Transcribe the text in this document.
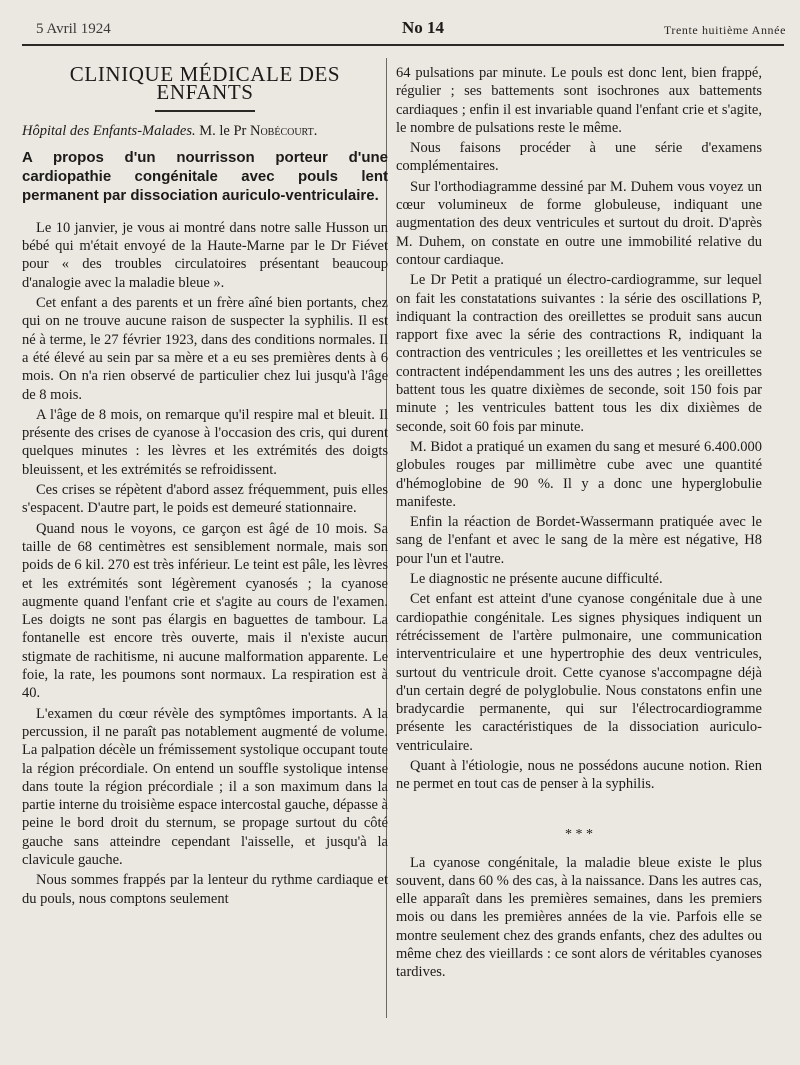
5 Avril 1924	No 14	Trente huitième Année
CLINIQUE MÉDICALE DES ENFANTS
Hôpital des Enfants-Malades. M. le Pr Nobécourt.
A propos d'un nourrisson porteur d'une cardiopathie congénitale avec pouls lent permanent par dissociation auriculo-ventriculaire.

Le 10 janvier, je vous ai montré dans notre salle Husson un bébé qui m'était envoyé de la Haute-Marne par le Dr Fiévet pour « des troubles circulatoires présentant beaucoup d'analogie avec la maladie bleue ».

Cet enfant a des parents et un frère aîné bien portants, chez qui on ne trouve aucune raison de suspecter la syphilis. Il est né à terme, le 27 février 1923, dans des conditions normales. Il a été élevé au sein par sa mère et a eu ses premières dents à 6 mois. On n'a rien observé de particulier chez lui jusqu'à l'âge de 8 mois.

A l'âge de 8 mois, on remarque qu'il respire mal et bleuit. Il présente des crises de cyanose à l'occasion des cris, qui durent quelques minutes : les lèvres et les extrémités des doigts bleuissent, et les extrémités se refroidissent.

Ces crises se répètent d'abord assez fréquemment, puis elles s'espacent. D'autre part, le poids est demeuré stationnaire.

Quand nous le voyons, ce garçon est âgé de 10 mois. Sa taille de 68 centimètres est sensiblement normale, mais son poids de 6 kil. 270 est très inférieur. Le teint est pâle, les lèvres et les extrémités sont légèrement cyanosés ; la cyanose augmente quand l'enfant crie et s'agite au cours de l'examen. Les doigts ne sont pas élargis en baguettes de tambour. La fontanelle est encore très ouverte, mais il n'existe aucun stigmate de rachitisme, ni aucune malformation apparente. Le foie, la rate, les poumons sont normaux. La respiration est à 40.

L'examen du cœur révèle des symptômes importants. A la percussion, il ne paraît pas notablement augmenté de volume. La palpation décèle un frémissement systolique occupant toute la région précordiale. On entend un souffle systolique intense dans toute la région précordiale ; il a son maximum dans la partie interne du troisième espace intercostal gauche, dépasse à peine le bord droit du sternum, se propage surtout du côté gauche sans atteindre cependant l'aisselle, et jusqu'à la clavicule gauche.

Nous sommes frappés par la lenteur du rythme cardiaque et du pouls, nous comptons seulement

64 pulsations par minute. Le pouls est donc lent, bien frappé, régulier ; ses battements sont isochrones aux battements cardiaques ; enfin il est invariable quand l'enfant crie et s'agite, le nombre de pulsations reste le même.

Nous faisons procéder à une série d'examens complémentaires.

Sur l'orthodiagramme dessiné par M. Duhem vous voyez un cœur volumineux de forme globuleuse, indiquant une augmentation des deux ventricules et surtout du droit. D'après M. Duhem, on constate en outre une immobilité relative du contour cardiaque.

Le Dr Petit a pratiqué un électro-cardiogramme, sur lequel on fait les constatations suivantes : la série des oscillations P, indiquant la contraction des oreillettes se produit sans aucun rapport fixe avec la série des contractions R, indiquant la contraction des ventricules ; les oreillettes et les ventricules se contractent indépendamment les uns des autres ; les oreillettes battent tous les quatre dixièmes de seconde, soit 150 fois par minute ; les ventricules battent tous les dix dixièmes de seconde, soit 60 fois par minute.

M. Bidot a pratiqué un examen du sang et mesuré 6.400.000 globules rouges par millimètre cube avec une quantité d'hémoglobine de 90 %. Il y a donc une hyperglobulie manifeste.

Enfin la réaction de Bordet-Wassermann pratiquée avec le sang de l'enfant et avec le sang de la mère est négative, H8 pour l'un et l'autre.

Le diagnostic ne présente aucune difficulté.

Cet enfant est atteint d'une cyanose congénitale due à une cardiopathie congénitale. Les signes physiques indiquent un rétrécissement de l'artère pulmonaire, une communication interventriculaire et une hypertrophie des deux ventricules, surtout du ventricule droit. Cette cyanose s'accompagne déjà d'un certain degré de polyglobulie. Nous constatons enfin une bradycardie permanente, qui sur l'électrocardiogramme présente les caractéristiques de la dissociation auriculo-ventriculaire.

Quant à l'étiologie, nous ne possédons aucune notion. Rien ne permet en tout cas de penser à la syphilis.

* * *

La cyanose congénitale, la maladie bleue existe le plus souvent, dans 60 % des cas, à la naissance. Dans les autres cas, elle apparaît dans les premières semaines, dans les premiers mois ou dans les premières années de la vie. Parfois elle se montre seulement chez des grands enfants, chez des adultes ou même chez des vieillards : ce sont alors de véritables cyanoses tardives.
